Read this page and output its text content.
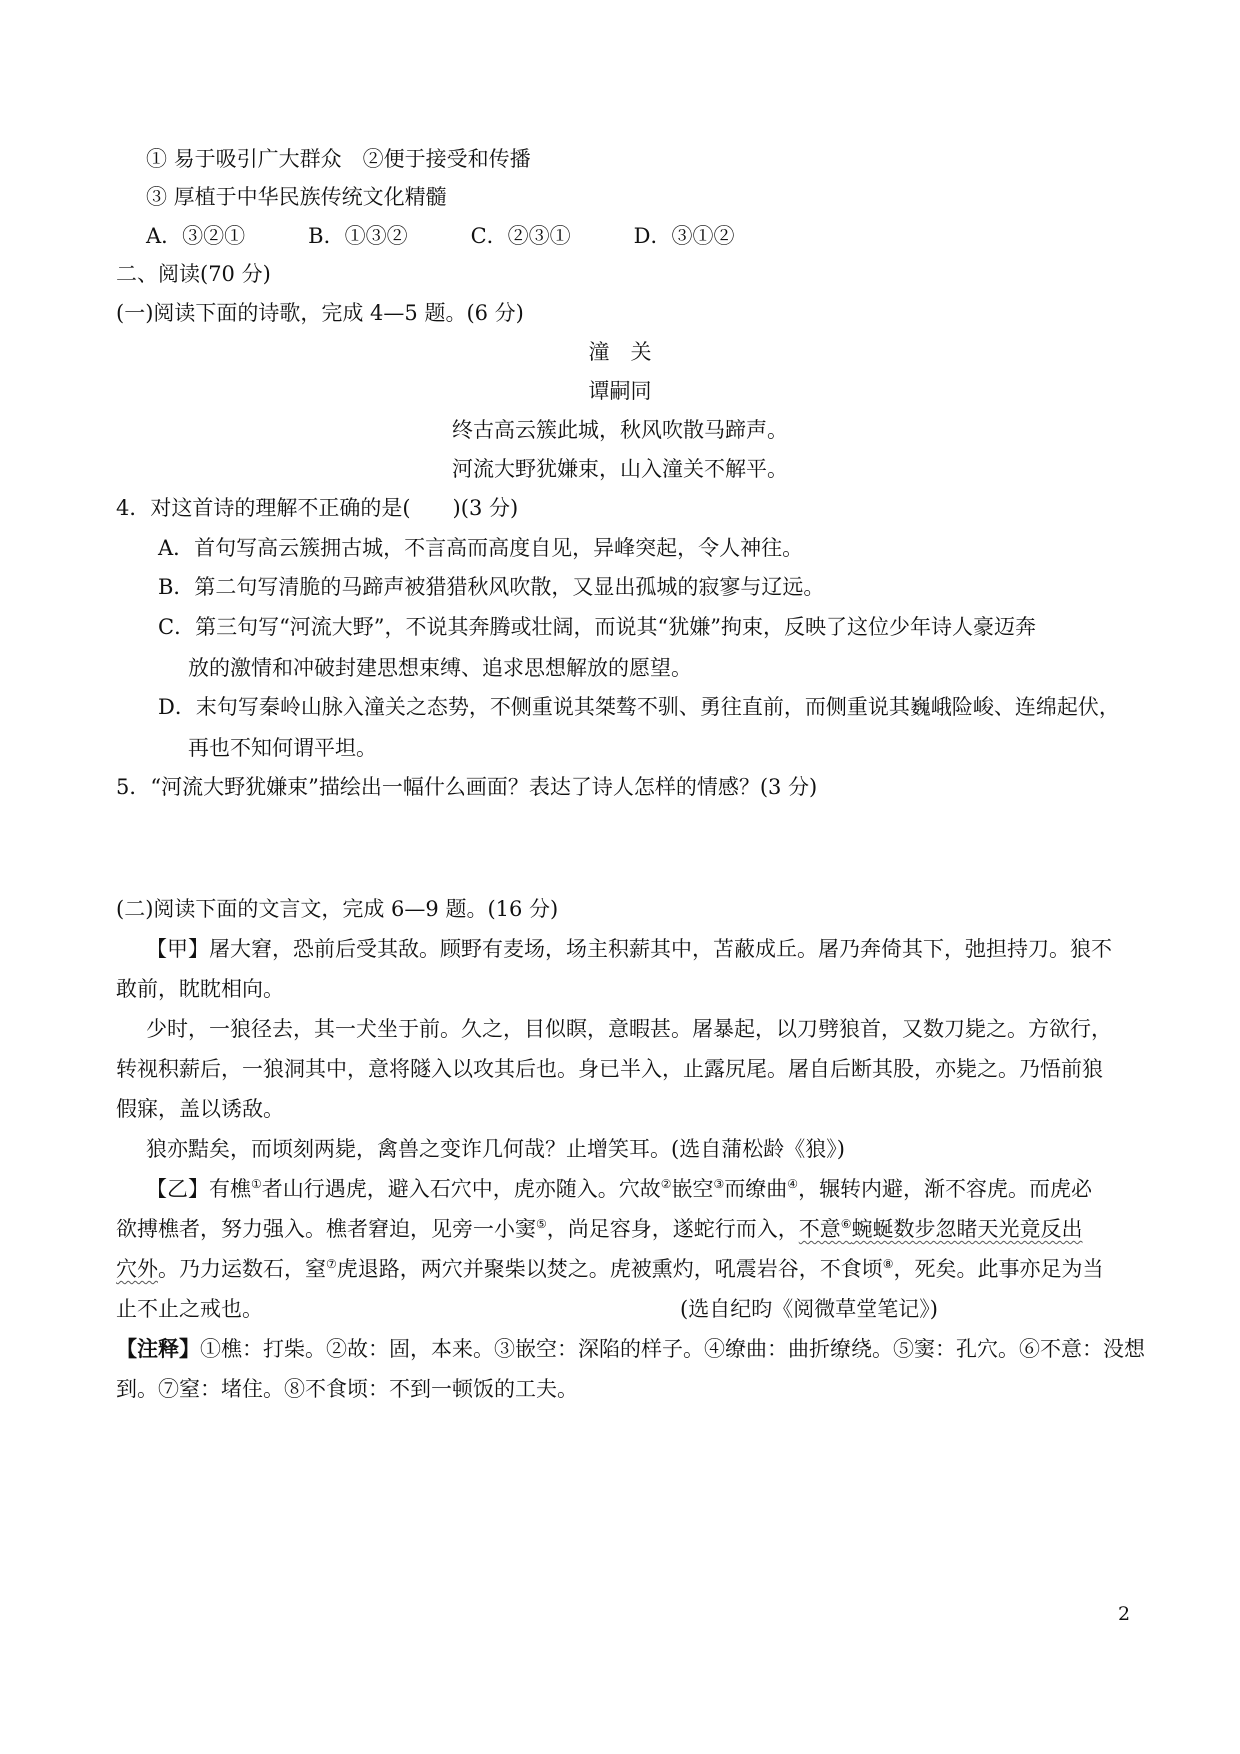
① 易于吸引广大群众　②便于接受和传播
③ 厚植于中华民族传统文化精髓
A．③②①　　　B．①③②　　　C．②③①　　　D．③①②
二、阅读(70 分)
(一)阅读下面的诗歌，完成 4—5 题。(6 分)
潼　关
谭嗣同
终古高云簇此城，秋风吹散马蹄声。
河流大野犹嫌束，山入潼关不解平。
4．对这首诗的理解不正确的是(　　)(3 分)
A．首句写高云簇拥古城，不言高而高度自见，异峰突起，令人神往。
B．第二句写清脆的马蹄声被猎猎秋风吹散，又显出孤城的寂寥与辽远。
C．第三句写“河流大野”，不说其奔腾或壮阔，而说其“犹嫌”拘束，反映了这位少年诗人豪迈奔
放的激情和冲破封建思想束缚、追求思想解放的愿望。
D．末句写秦岭山脉入潼关之态势，不侧重说其桀骜不驯、勇往直前，而侧重说其巍峨险峻、连绵起伏，
再也不知何谓平坦。
5．“河流大野犹嫌束”描绘出一幅什么画面？表达了诗人怎样的情感？(3 分)
(二)阅读下面的文言文，完成 6—9 题。(16 分)
【甲】屠大窘，恐前后受其敌。顾野有麦场，场主积薪其中，苫蔽成丘。屠乃奔倚其下，弛担持刀。狼不
敢前，眈眈相向。
少时，一狼径去，其一犬坐于前。久之，目似瞑，意暇甚。屠暴起，以刀劈狼首，又数刀毙之。方欲行，
转视积薪后，一狼洞其中，意将隧入以攻其后也。身已半入，止露尻尾。屠自后断其股，亦毙之。乃悟前狼
假寐，盖以诱敌。
狼亦黠矣，而顷刻两毙，禽兽之变诈几何哉？止增笑耳。(选自蒲松龄《狼》)
【乙】有樵①者山行遇虎，避入石穴中，虎亦随入。穴故②嵌空③而缭曲④，辗转内避，渐不容虎。而虎必
欲搏樵者，努力强入。樵者窘迫，见旁一小窦⑤，尚足容身，遂蛇行而入，不意⑥蜿蜒数步忽睹天光竟反出
穴外。乃力运数石，窒⑦虎退路，两穴并聚柴以焚之。虎被熏灼，吼震岩谷，不食顷⑧，死矣。此事亦足为当
止不止之戒也。	(选自纪昀《阅微草堂笔记》)
【注释】①樵：打柴。②故：固，本来。③嵌空：深陷的样子。④缭曲：曲折缭绕。⑤窦：孔穴。⑥不意：没想
到。⑦窒：堵住。⑧不食顷：不到一顿饭的工夫。
2
